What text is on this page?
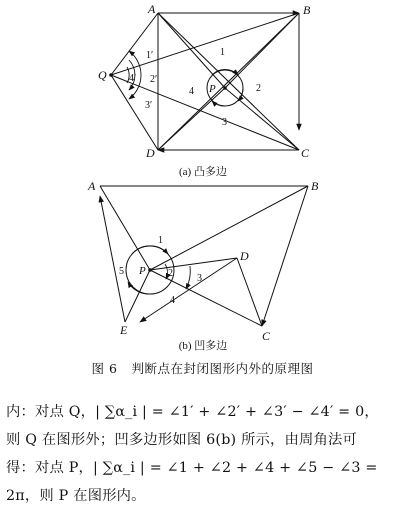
A	B
C
D
Q
P
1′
2′
3′
4′
1
2
3
4
(a) 凸多边
A	B
C
D
E
P
1
2 3
4
5
(b) 凹多边
图 6 判断点在封闭图形内外的原理图

内：对点 Q，| ∑α_i | = ∠1′ + ∠2′ + ∠3′ − ∠4′ = 0，

则 Q 在图形外；凹多边形如图 6(b) 所示，由周角法可

得：对点 P，| ∑α_i | = ∠1 + ∠2 + ∠4 + ∠5 − ∠3 =

2π，则 P 在图形内。
